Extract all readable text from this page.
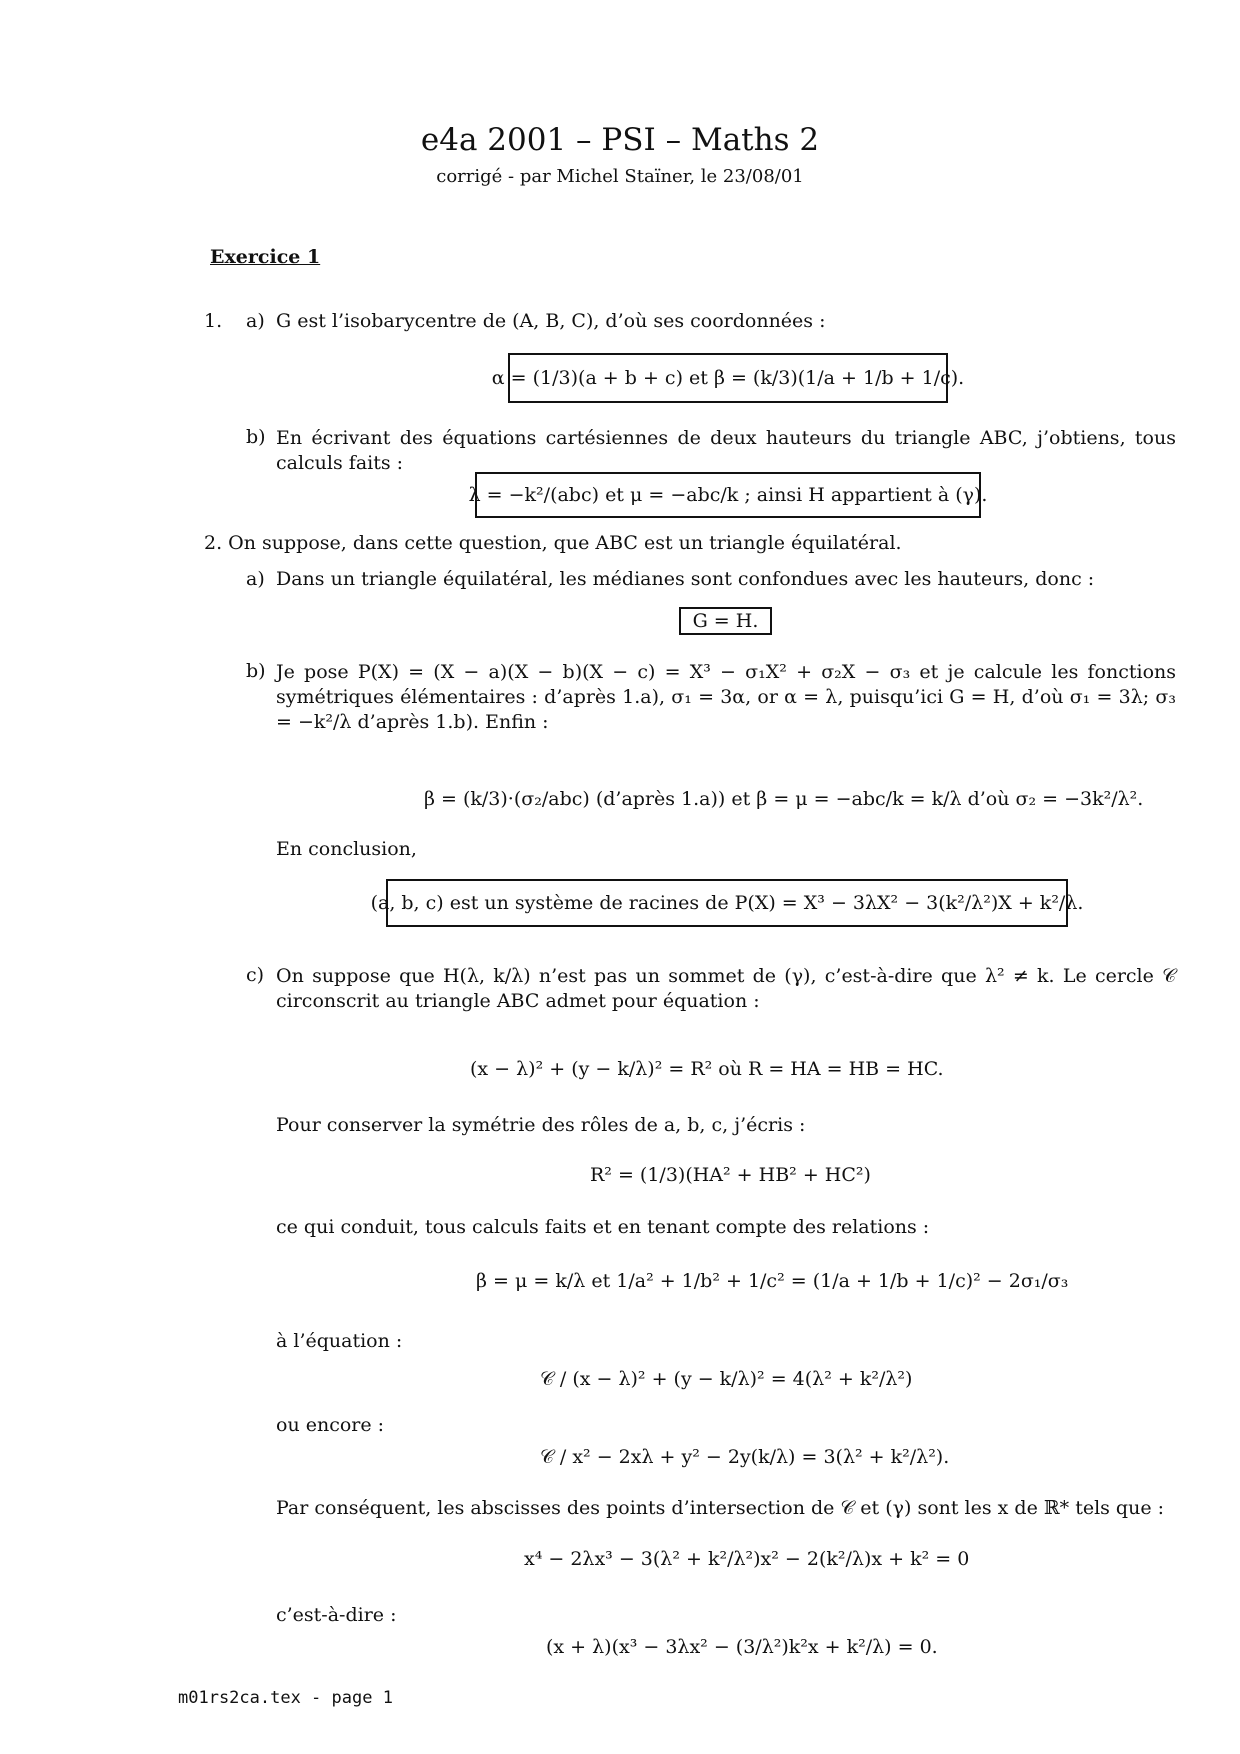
e4a 2001 – PSI – Maths 2
corrigé - par Michel Staïner, le 23/08/01
Exercice 1
1. a) G est l’isobarycentre de (A, B, C), d’où ses coordonnées :
α = (1/3)(a + b + c) et β = (k/3)(1/a + 1/b + 1/c).
b) En écrivant des équations cartésiennes de deux hauteurs du triangle ABC, j’obtiens, tous calculs faits :
λ = −k²/(abc) et μ = −abc/k ; ainsi H appartient à (γ).
2. On suppose, dans cette question, que ABC est un triangle équilatéral.
a) Dans un triangle équilatéral, les médianes sont confondues avec les hauteurs, donc :
G = H.
b) Je pose P(X) = (X − a)(X − b)(X − c) = X³ − σ₁X² + σ₂X − σ₃ et je calcule les fonctions symétriques élémentaires : d’après 1.a), σ₁ = 3α, or α = λ, puisqu’ici G = H, d’où σ₁ = 3λ; σ₃ = −k²/λ d’après 1.b). Enfin :
β = (k/3)·(σ₂/abc) (d’après 1.a)) et β = μ = −abc/k = k/λ d’où σ₂ = −3k²/λ².
En conclusion,
(a, b, c) est un système de racines de P(X) = X³ − 3λX² − 3(k²/λ²)X + k²/λ.
c) On suppose que H(λ, k/λ) n’est pas un sommet de (γ), c’est-à-dire que λ² ≠ k. Le cercle 𝒞 circonscrit au triangle ABC admet pour équation :
(x − λ)² + (y − k/λ)² = R² où R = HA = HB = HC.
Pour conserver la symétrie des rôles de a, b, c, j’écris :
R² = (1/3)(HA² + HB² + HC²)
ce qui conduit, tous calculs faits et en tenant compte des relations :
β = μ = k/λ et 1/a² + 1/b² + 1/c² = (1/a + 1/b + 1/c)² − 2σ₁/σ₃
à l’équation :
𝒞 / (x − λ)² + (y − k/λ)² = 4(λ² + k²/λ²)
ou encore :
𝒞 / x² − 2xλ + y² − 2y(k/λ) = 3(λ² + k²/λ²).
Par conséquent, les abscisses des points d’intersection de 𝒞 et (γ) sont les x de ℝ* tels que :
x⁴ − 2λx³ − 3(λ² + k²/λ²)x² − 2(k²/λ)x + k² = 0
c’est-à-dire :
(x + λ)(x³ − 3λx² − (3/λ²)k²x + k²/λ) = 0.
m01rs2ca.tex - page 1
